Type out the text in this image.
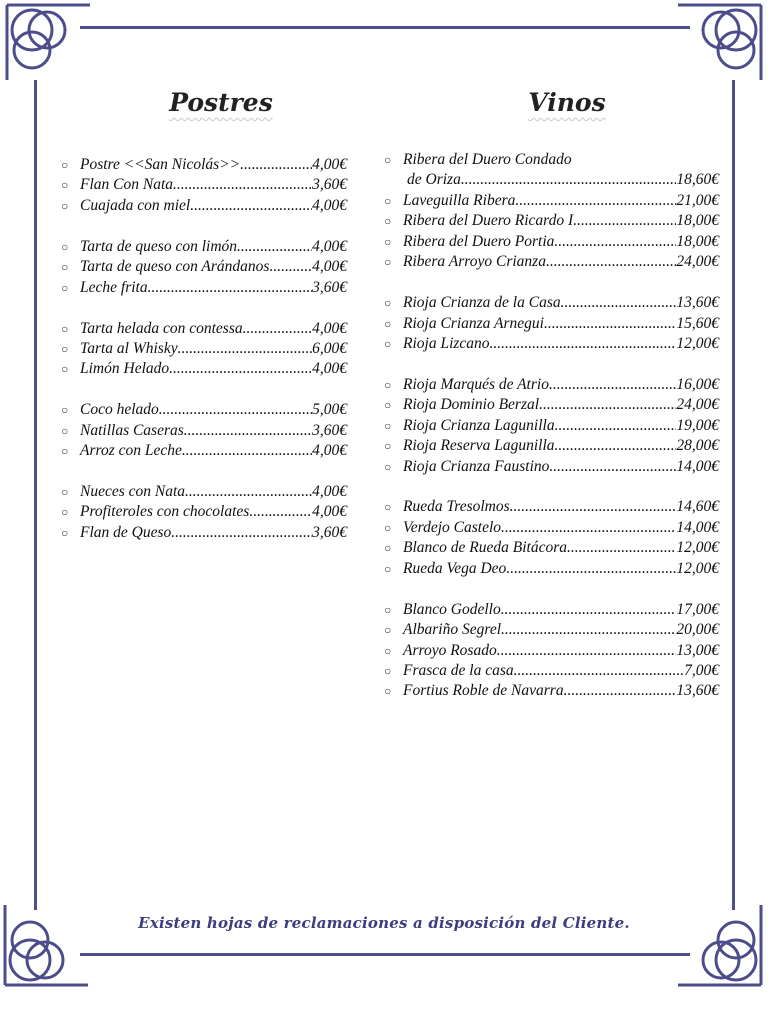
Postres	Vinos
○ Postre <<San Nicolás>> .....	4,00€
○ Flan Con Nata .....	3,60€
○ Cuajada con miel .....	4,00€
○ Tarta de queso con limón .....	4,00€
○ Tarta de queso con Arándanos .....	4,00€
○ Leche frita .....	3,60€
○ Tarta helada con contessa .....	4,00€
○ Tarta al Whisky .....	6,00€
○ Limón Helado .....	4,00€
○ Coco helado .....	5,00€
○ Natillas Caseras .....	3,60€
○ Arroz con Leche .....	4,00€
○ Nueces con Nata .....	4,00€
○ Profiteroles con chocolates .....	4,00€
○ Flan de Queso .....	3,60€
○ Ribera del Duero Condado
de Oriza .....	18,60€
○ Laveguilla Ribera .....	21,00€
○ Ribera del Duero Ricardo I .....	18,00€
○ Ribera del Duero Portia .....	18,00€
○ Ribera Arroyo Crianza .....	24,00€
○ Rioja Crianza de la Casa .....	13,60€
○ Rioja Crianza Arnegui .....	15,60€
○ Rioja Lizcano .....	12,00€
○ Rioja Marqués de Atrio .....	16,00€
○ Rioja Dominio Berzal .....	24,00€
○ Rioja Crianza Lagunilla .....	19,00€
○ Rioja Reserva Lagunilla .....	28,00€
○ Rioja Crianza Faustino .....	14,00€
○ Rueda Tresolmos .....	14,60€
○ Verdejo Castelo .....	14,00€
○ Blanco de Rueda Bitácora .....	12,00€
○ Rueda Vega Deo .....	12,00€
○ Blanco Godello .....	17,00€
○ Albariño Segrel .....	20,00€
○ Arroyo Rosado .....	13,00€
○ Frasca de la casa .....	7,00€
○ Fortius Roble de Navarra .....	13,60€
Existen hojas de reclamaciones a disposición del Cliente.
